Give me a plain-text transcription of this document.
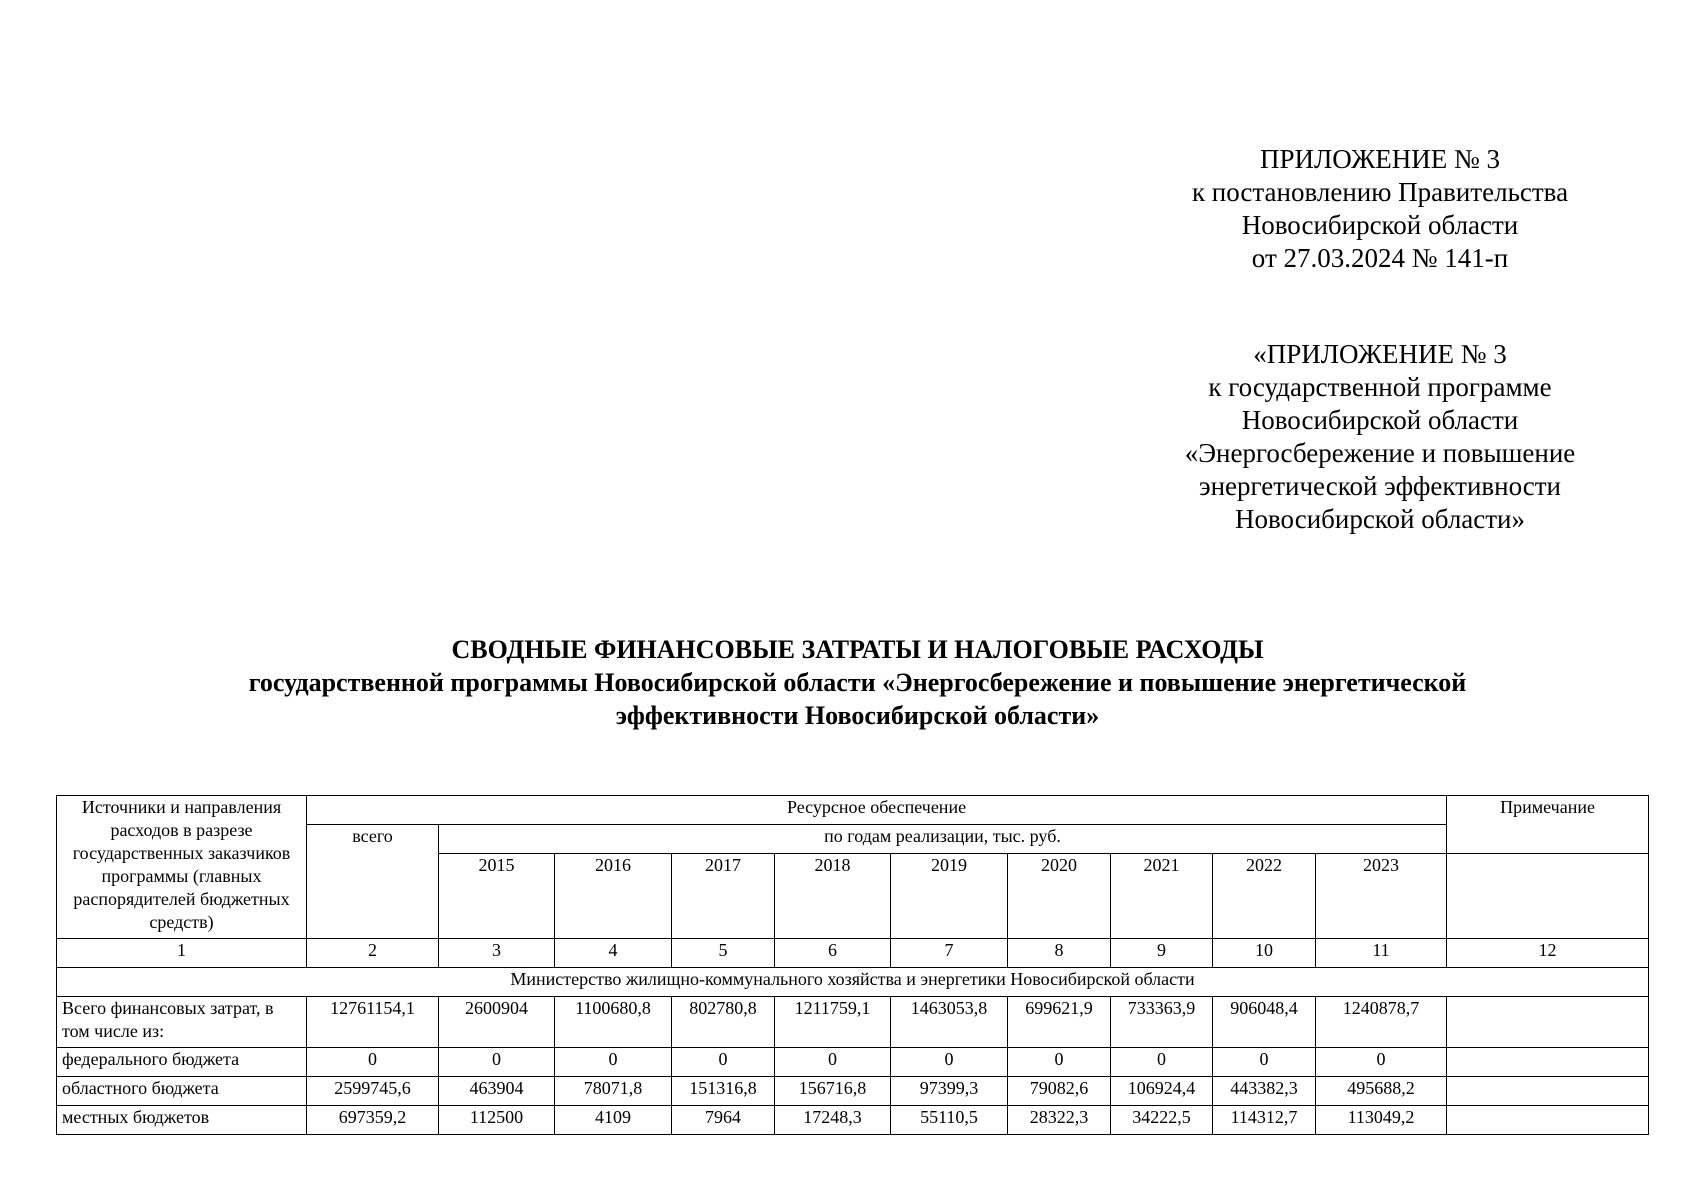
ПРИЛОЖЕНИЕ № 3
к постановлению Правительства
Новосибирской области
от 27.03.2024 № 141-п
«ПРИЛОЖЕНИЕ № 3
к государственной программе
Новосибирской области
«Энергосбережение и повышение
энергетической эффективности
Новосибирской области»
СВОДНЫЕ ФИНАНСОВЫЕ ЗАТРАТЫ И НАЛОГОВЫЕ РАСХОДЫ
государственной программы Новосибирской области «Энергосбережение и повышение энергетической
эффективности Новосибирской области»
Источники и направления расходов в разрезе государственных заказчиков программы (главных распорядителей бюджетных средств)	Ресурсное обеспечение										Примечание
	всего	по годам реализации, тыс. руб.									
		2015	2016	2017	2018	2019	2020	2021	2022	2023	
1	2	3	4	5	6	7	8	9	10	11	12
Министерство жилищно-коммунального хозяйства и энергетики Новосибирской области											
Всего финансовых затрат, в том числе из:	12761154,1	2600904	1100680,8	802780,8	1211759,1	1463053,8	699621,9	733363,9	906048,4	1240878,7	
федерального бюджета	0	0	0	0	0	0	0	0	0	0	
областного бюджета	2599745,6	463904	78071,8	151316,8	156716,8	97399,3	79082,6	106924,4	443382,3	495688,2	
местных бюджетов	697359,2	112500	4109	7964	17248,3	55110,5	28322,3	34222,5	114312,7	113049,2	
